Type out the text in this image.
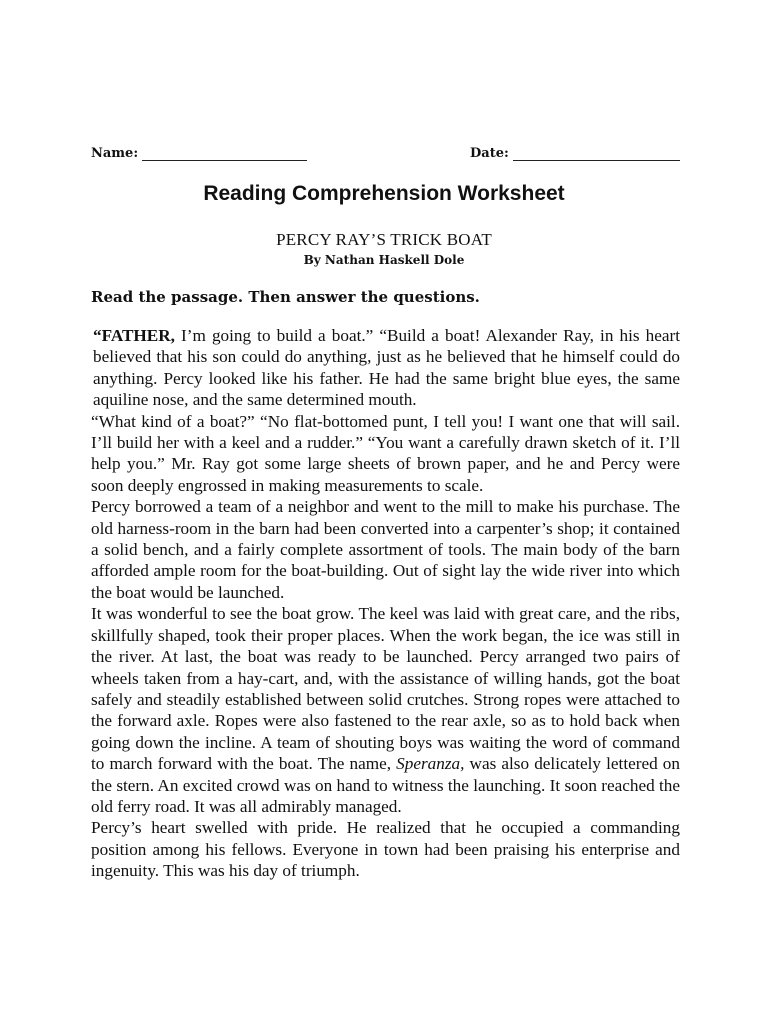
Name:	Date:
Reading Comprehension Worksheet
PERCY RAY’S TRICK BOAT
By Nathan Haskell Dole
Read the passage. Then answer the questions.

“FATHER, I’m going to build a boat.” “Build a boat! Alexander Ray, in his heart believed that his son could do anything, just as he believed that he himself could do anything. Percy looked like his father. He had the same bright blue eyes, the same aquiline nose, and the same determined mouth.

“What kind of a boat?” “No flat-bottomed punt, I tell you! I want one that will sail. I’ll build her with a keel and a rudder.” “You want a carefully drawn sketch of it. I’ll help you.” Mr. Ray got some large sheets of brown paper, and he and Percy were soon deeply engrossed in making measurements to scale.

Percy borrowed a team of a neighbor and went to the mill to make his purchase. The old harness-room in the barn had been converted into a carpenter’s shop; it contained a solid bench, and a fairly complete assortment of tools. The main body of the barn afforded ample room for the boat-building. Out of sight lay the wide river into which the boat would be launched.

It was wonderful to see the boat grow. The keel was laid with great care, and the ribs, skillfully shaped, took their proper places. When the work began, the ice was still in the river. At last, the boat was ready to be launched. Percy arranged two pairs of wheels taken from a hay-cart, and, with the assistance of willing hands, got the boat safely and steadily established between solid crutches. Strong ropes were attached to the forward axle. Ropes were also fastened to the rear axle, so as to hold back when going down the incline. A team of shouting boys was waiting the word of command to march forward with the boat. The name, Speranza, was also delicately lettered on the stern. An excited crowd was on hand to witness the launching. It soon reached the old ferry road. It was all admirably managed.

Percy’s heart swelled with pride. He realized that he occupied a commanding position among his fellows. Everyone in town had been praising his enterprise and ingenuity. This was his day of triumph.
